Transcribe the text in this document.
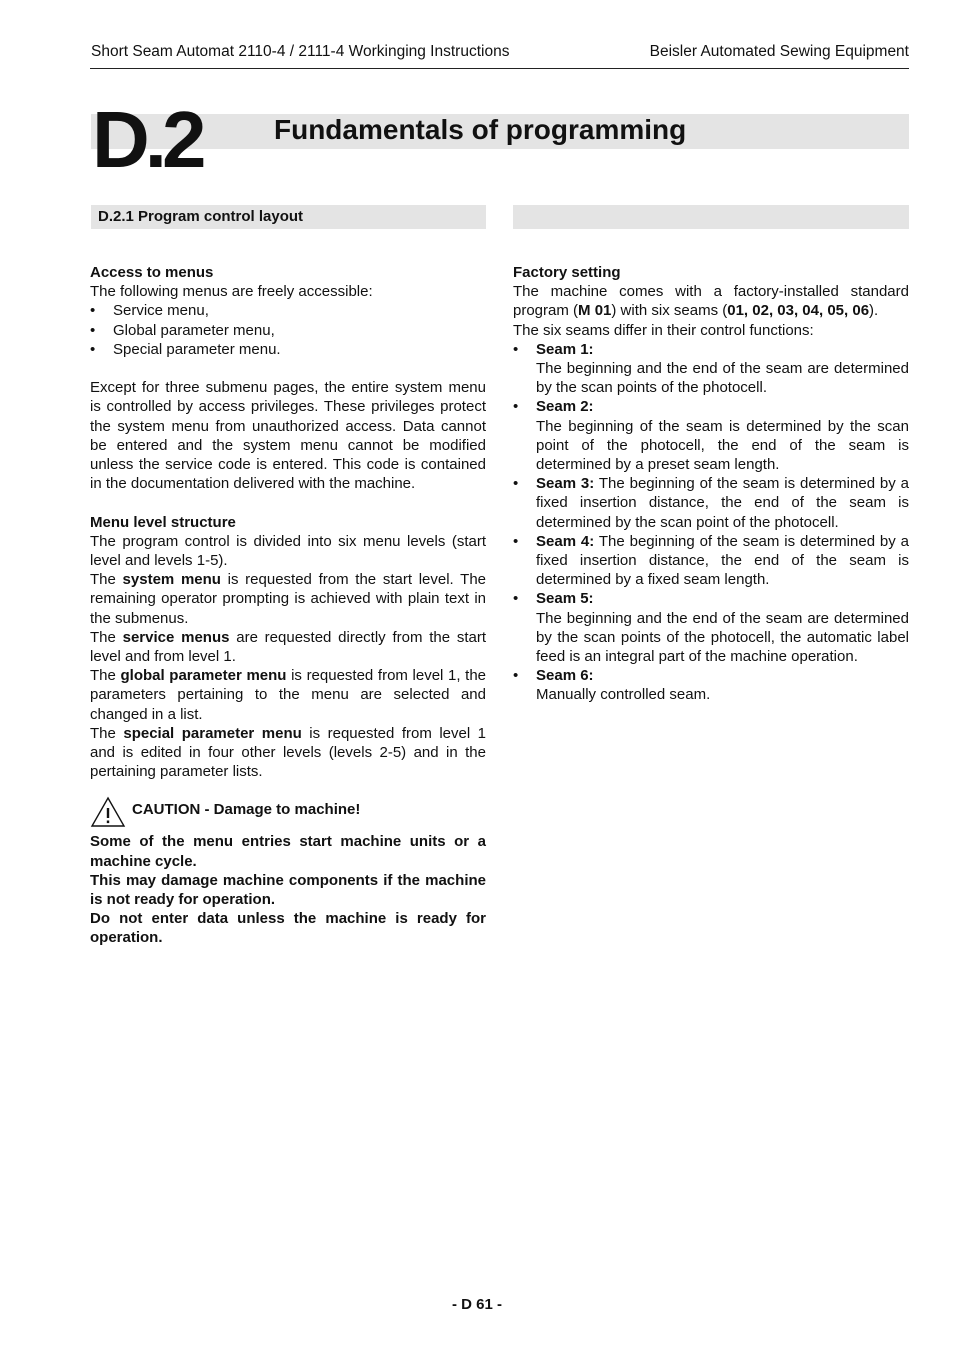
Short Seam Automat 2110-4 / 2111-4 Workinging Instructions	Beisler Automated Sewing Equipment
D.2	Fundamentals of programming
D.2.1 Program control layout

Access to menus

The following menus are freely accessible:

• Service menu,
• Global parameter menu,
• Special parameter menu.

Except for three submenu pages, the entire system menu is controlled by access privileges. These privileges protect the system menu from unauthorized access. Data cannot be entered and the system menu cannot be modified unless the service code is entered. This code is contained in the documentation delivered with the machine.

Menu level structure

The program control is divided into six menu levels (start level and levels 1-5).

The system menu is requested from the start level. The remaining operator prompting is achieved with plain text in the submenus.

The service menus are requested directly from the start level and from level 1.

The global parameter menu is requested from level 1, the parameters pertaining to the menu are selected and changed in a list.

The special parameter menu is requested from level 1 and is edited in four other levels (levels 2-5) and in the pertaining parameter lists.

CAUTION - Damage to machine!

Some of the menu entries start machine units or a machine cycle.

This may damage machine components if the machine is not ready for operation.

Do not enter data unless the machine is ready for operation.

Factory setting

The machine comes with a factory-installed standard program (M 01) with six seams (01, 02, 03, 04, 05, 06).

The six seams differ in their control functions:

• Seam 1:
The beginning and the end of the seam are determined by the scan points of the photocell.
• Seam 2:
The beginning of the seam is determined by the scan point of the photocell, the end of the seam is determined by a preset seam length.
• Seam 3: The beginning of the seam is determined by a fixed insertion distance, the end of the seam is determined by the scan point of the photocell.
• Seam 4: The beginning of the seam is determined by a fixed insertion distance, the end of the seam is determined by a fixed seam length.
• Seam 5:
The beginning and the end of the seam are determined by the scan points of the photocell, the automatic label feed is an integral part of the machine operation.
• Seam 6:
Manually controlled seam.
- D 61 -
